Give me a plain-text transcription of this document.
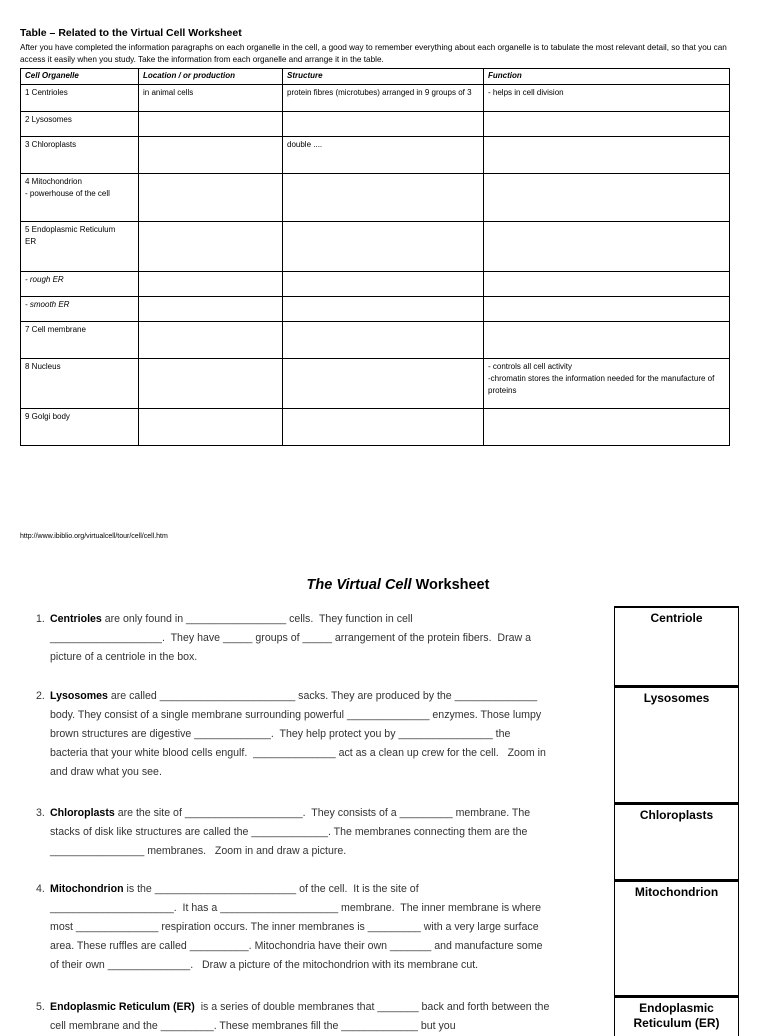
Table – Related to the Virtual Cell Worksheet
After you have completed the information paragraphs on each organelle in the cell, a good way to remember everything about each organelle is to tabulate the most relevant detail, so that you can access it easily when you study. Take the information from each organelle and arrange it in the table.
Cell Organelle	Location / or production	Structure	Function
1 Centrioles	in animal cells	protein fibres (microtubes) arranged in 9 groups of 3	- helps in cell division
2 Lysosomes			
3 Chloroplasts		double ....	
4 Mitochondrion
- powerhouse of the cell			
5 Endoplasmic Reticulum
ER			
- rough ER			
- smooth ER			
7 Cell membrane			
8 Nucleus			- controls all cell activity
-chromatin stores the information needed for the manufacture of proteins
9 Golgi body			
http://www.ibiblio.org/virtualcell/tour/cell/cell.htm
The Virtual Cell Worksheet
1. Centrioles are only found in _________________ cells.  They function in cell
___________________.  They have _____ groups of _____ arrangement of the protein fibers.  Draw a
picture of a centriole in the box.
2. Lysosomes are called _______________________ sacks. They are produced by the ______________
body. They consist of a single membrane surrounding powerful ______________ enzymes. Those lumpy
brown structures are digestive _____________.  They help protect you by ________________ the
bacteria that your white blood cells engulf.  ______________ act as a clean up crew for the cell.   Zoom in
and draw what you see.
3. Chloroplasts are the site of ____________________.  They consists of a _________ membrane. The
stacks of disk like structures are called the _____________. The membranes connecting them are the
________________ membranes.   Zoom in and draw a picture.
4. Mitochondrion is the ________________________ of the cell.  It is the site of
_____________________.  It has a ____________________ membrane.  The inner membrane is where
most ______________ respiration occurs. The inner membranes is _________ with a very large surface
area. These ruffles are called __________. Mitochondria have their own _______ and manufacture some
of their own ______________.   Draw a picture of the mitochondrion with its membrane cut.
5. Endoplasmic Reticulum (ER)  is a series of double membranes that _______ back and forth between the
cell membrane and the _________. These membranes fill the _____________ but you
Centriole
Lysosomes
Chloroplasts
Mitochondrion
Endoplasmic Reticulum (ER)
